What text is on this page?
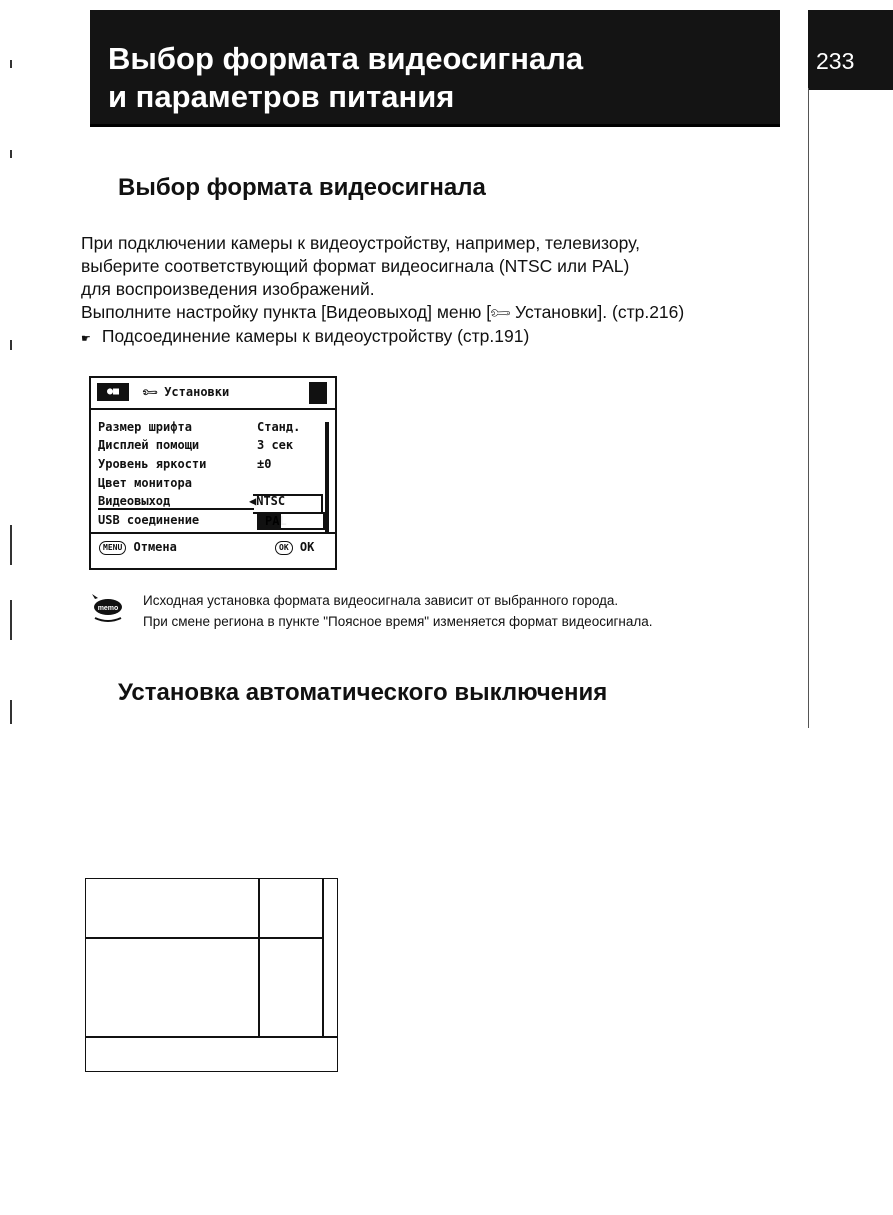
Выбор формата видеосигнала
и параметров питания
233
Выбор формата видеосигнала
При подключении камеры к видеоустройству, например, телевизору,
выберите соответствующий формат видеосигнала (NTSC или PAL)
для воспроизведения изображений.
Выполните настройку пункта [Видеовыход] меню [🔧︎ Установки]. (стр.216)
☛ Подсоединение камеры к видеоустройству (стр.191)
●■	🔧︎ Установки
Размер шрифта	Станд.
Дисплей помощи	3 сек
Уровень яркости	±0
Цвет монитора
Видеовыход	◀NTSC
USB соединение	PAL
MENU Отмена	OK OK
memo
Исходная установка формата видеосигнала зависит от выбранного города.
При смене региона в пункте "Поясное время" изменяется формат видеосигнала.
Установка автоматического выключения
